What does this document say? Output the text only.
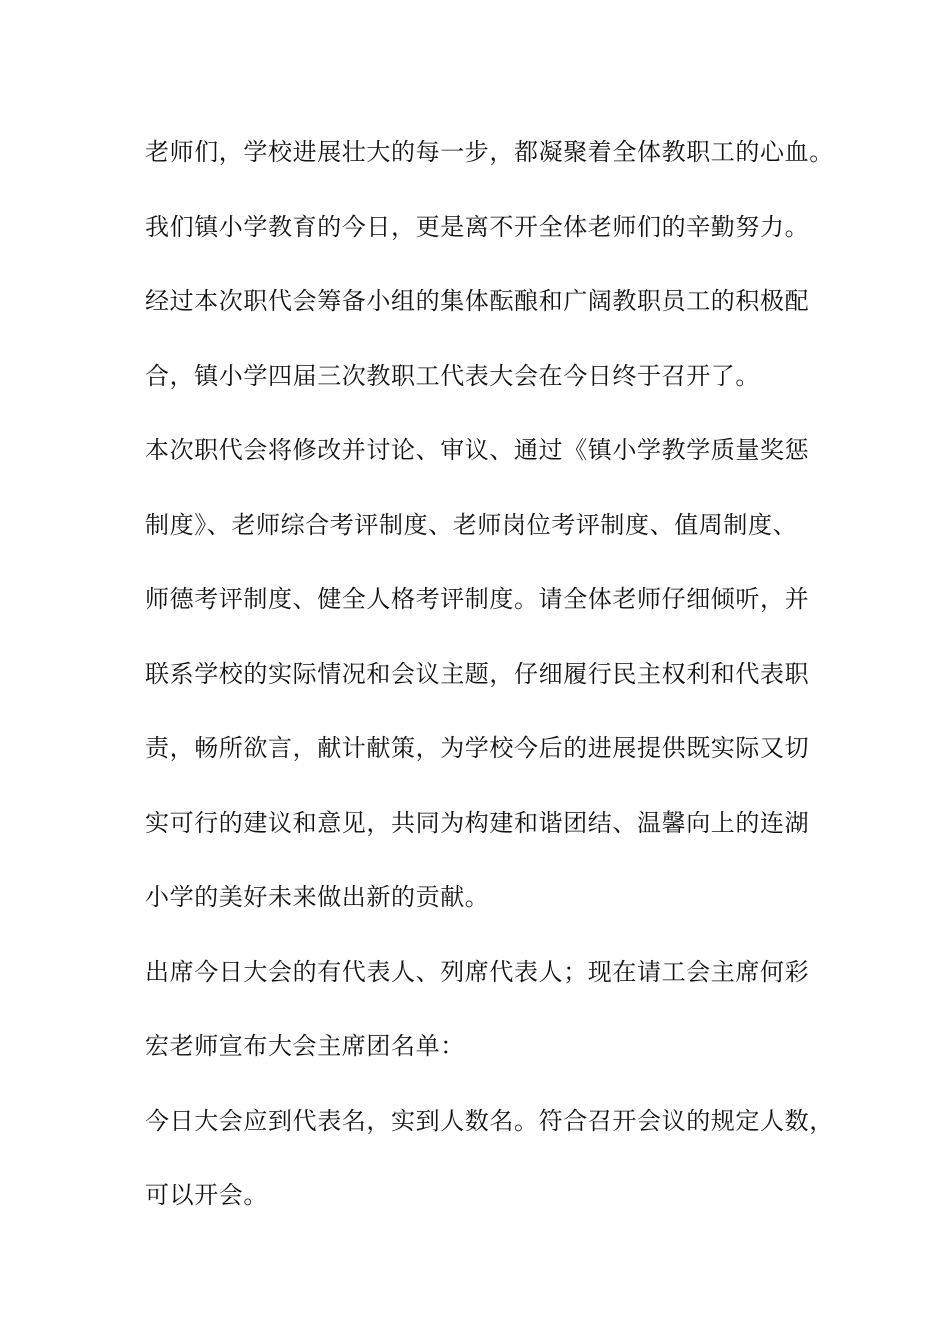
老师们，学校进展壮大的每一步，都凝聚着全体教职工的心血。
我们镇小学教育的今日，更是离不开全体老师们的辛勤努力。
经过本次职代会筹备小组的集体酝酿和广阔教职员工的积极配
合，镇小学四届三次教职工代表大会在今日终于召开了。
本次职代会将修改并讨论、审议、通过《镇小学教学质量奖惩
制度》、老师综合考评制度、老师岗位考评制度、值周制度、
师德考评制度、健全人格考评制度。请全体老师仔细倾听，并
联系学校的实际情况和会议主题，仔细履行民主权利和代表职
责，畅所欲言，献计献策，为学校今后的进展提供既实际又切
实可行的建议和意见，共同为构建和谐团结、温馨向上的连湖
小学的美好未来做出新的贡献。
出席今日大会的有代表人、列席代表人；现在请工会主席何彩
宏老师宣布大会主席团名单：
今日大会应到代表名，实到人数名。符合召开会议的规定人数，
可以开会。
